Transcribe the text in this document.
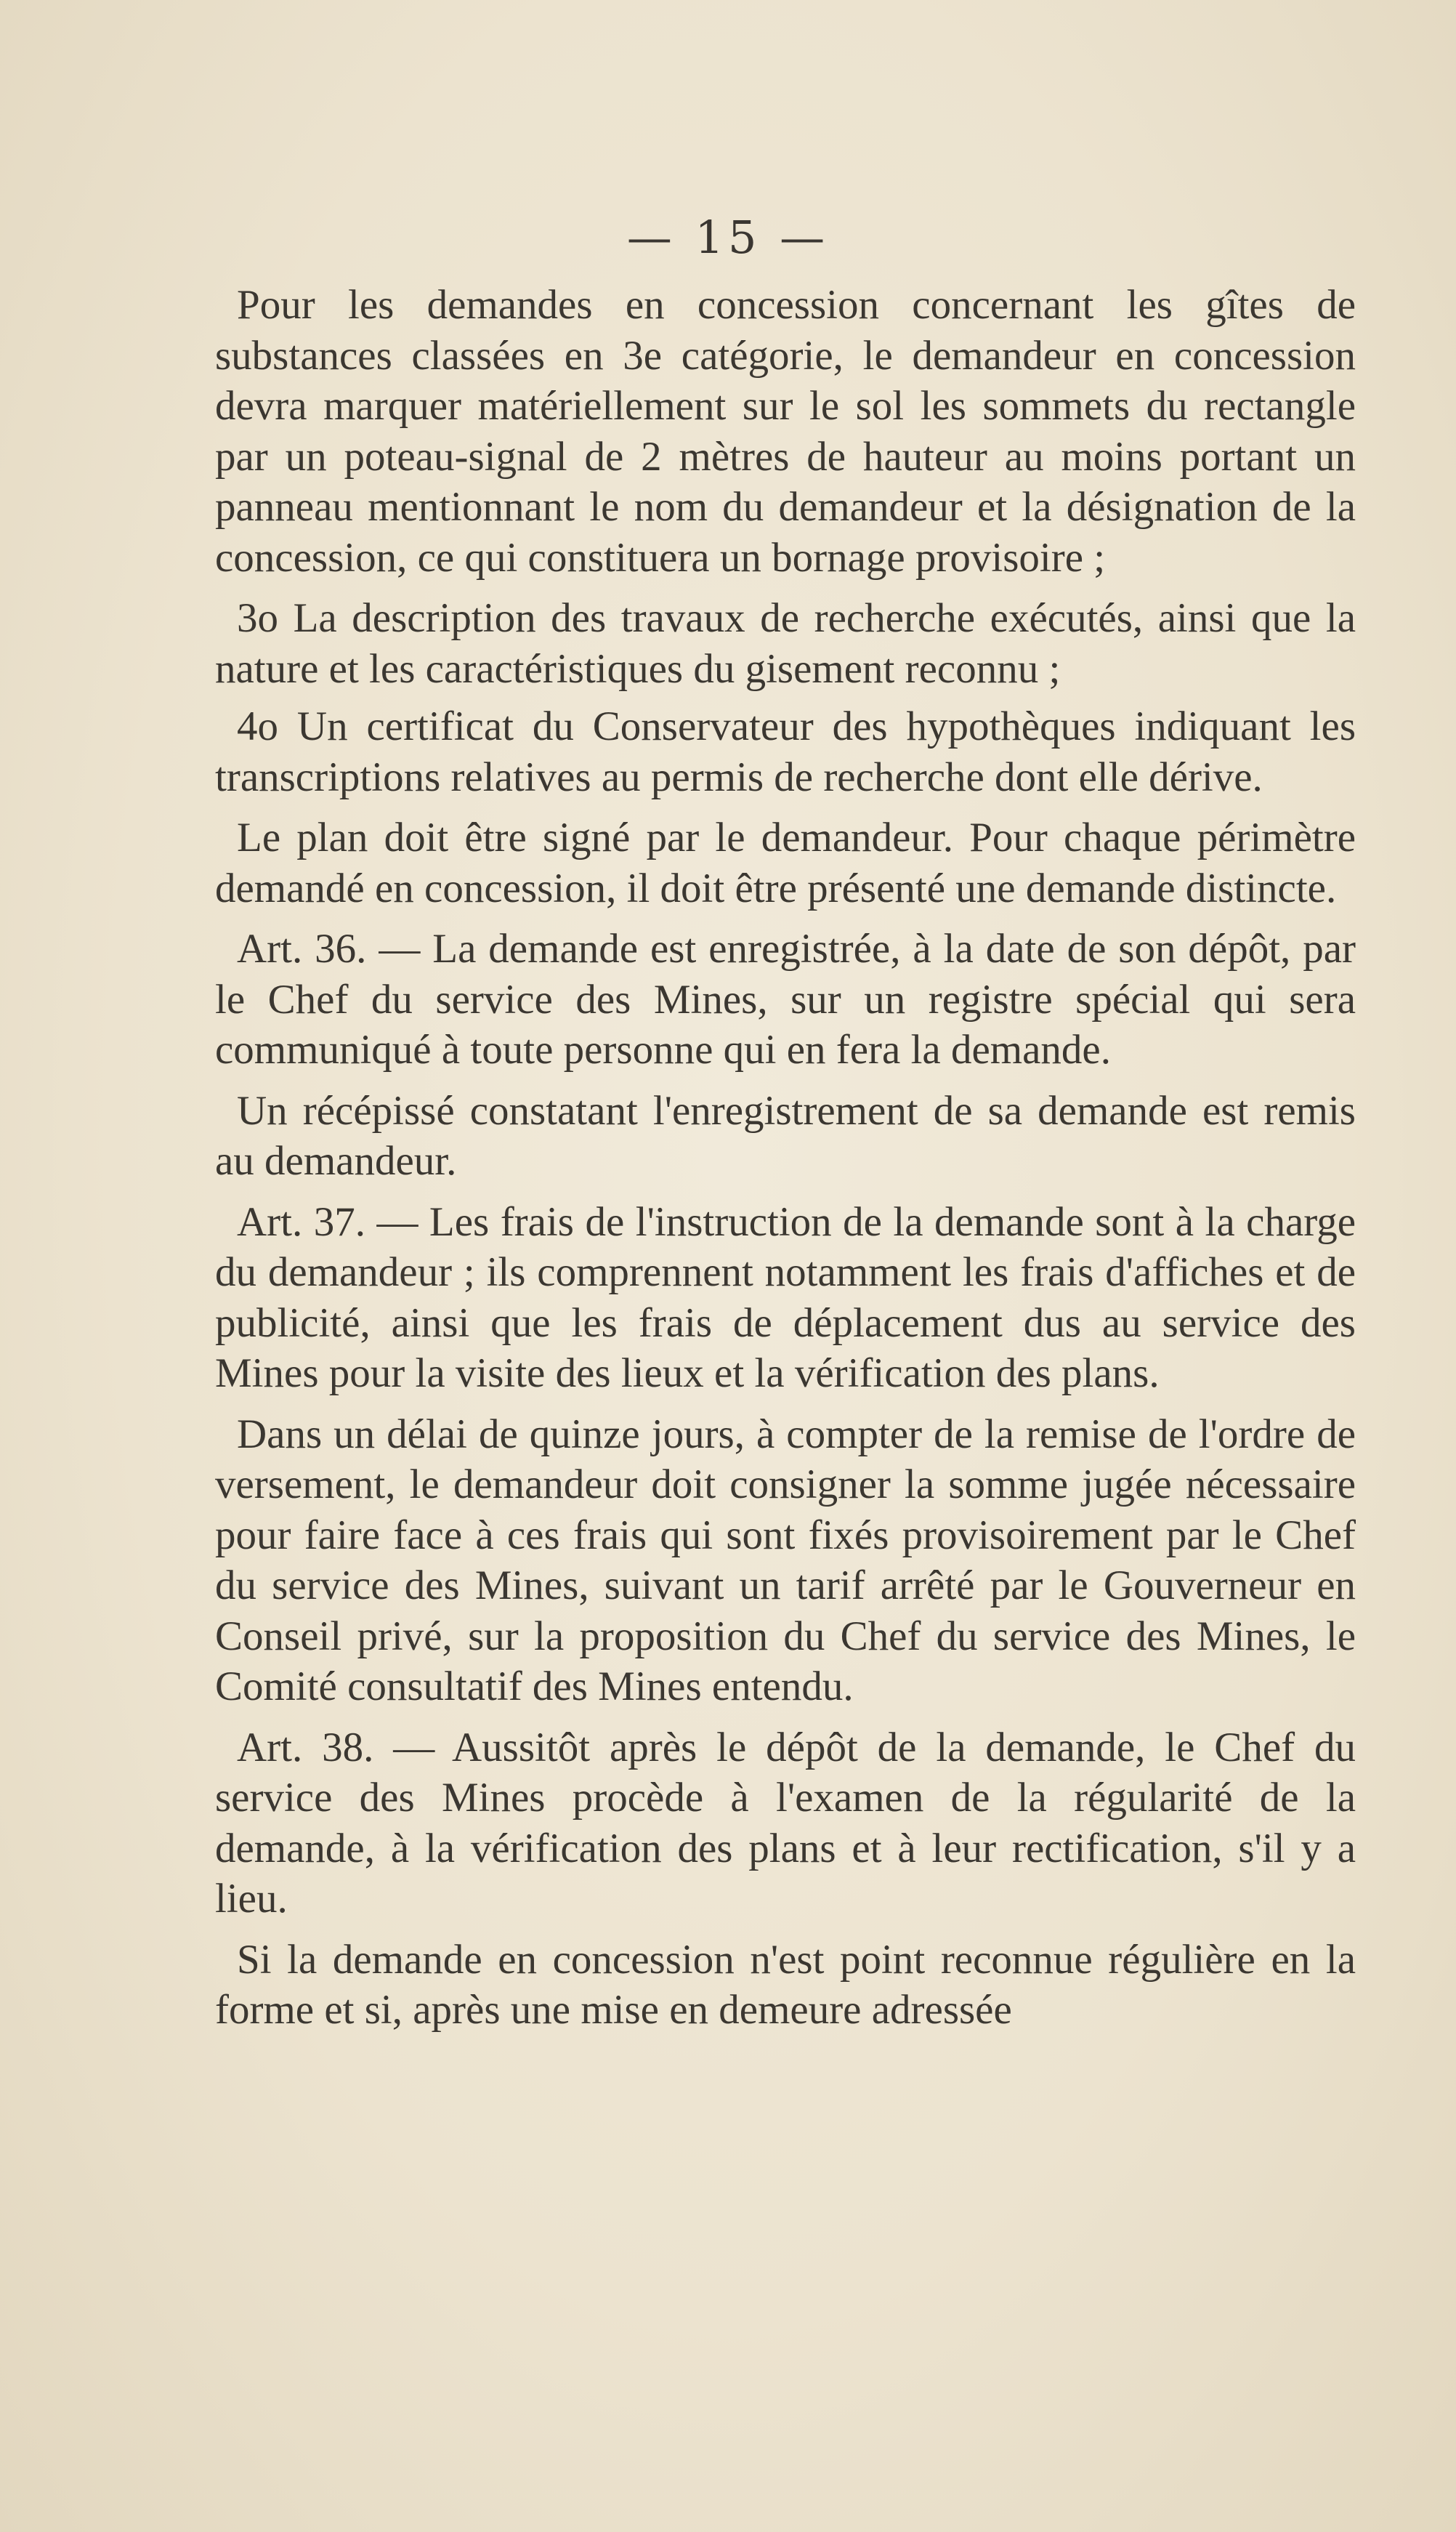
— 15 —

Pour les demandes en concession concernant les gîtes de substances classées en 3e catégorie, le demandeur en concession devra marquer matériellement sur le sol les sommets du rectangle par un poteau-signal de 2 mètres de hauteur au moins portant un panneau mentionnant le nom du demandeur et la désignation de la concession, ce qui constituera un bornage provisoire ;

3o La description des travaux de recherche exécutés, ainsi que la nature et les caractéristiques du gisement reconnu ;

4o Un certificat du Conservateur des hypothèques indiquant les transcriptions relatives au permis de recherche dont elle dérive.

Le plan doit être signé par le demandeur. Pour chaque périmètre demandé en concession, il doit être présenté une demande distincte.

Art. 36. — La demande est enregistrée, à la date de son dépôt, par le Chef du service des Mines, sur un registre spécial qui sera communiqué à toute personne qui en fera la demande.

Un récépissé constatant l'enregistrement de sa demande est remis au demandeur.

Art. 37. — Les frais de l'instruction de la demande sont à la charge du demandeur ; ils comprennent notamment les frais d'affiches et de publicité, ainsi que les frais de déplacement dus au service des Mines pour la visite des lieux et la vérification des plans.

Dans un délai de quinze jours, à compter de la remise de l'ordre de versement, le demandeur doit consigner la somme jugée nécessaire pour faire face à ces frais qui sont fixés provisoirement par le Chef du service des Mines, suivant un tarif arrêté par le Gouverneur en Conseil privé, sur la proposition du Chef du service des Mines, le Comité consultatif des Mines entendu.

Art. 38. — Aussitôt après le dépôt de la demande, le Chef du service des Mines procède à l'examen de la régularité de la demande, à la vérification des plans et à leur rectification, s'il y a lieu.

Si la demande en concession n'est point reconnue régulière en la forme et si, après une mise en demeure adressée
